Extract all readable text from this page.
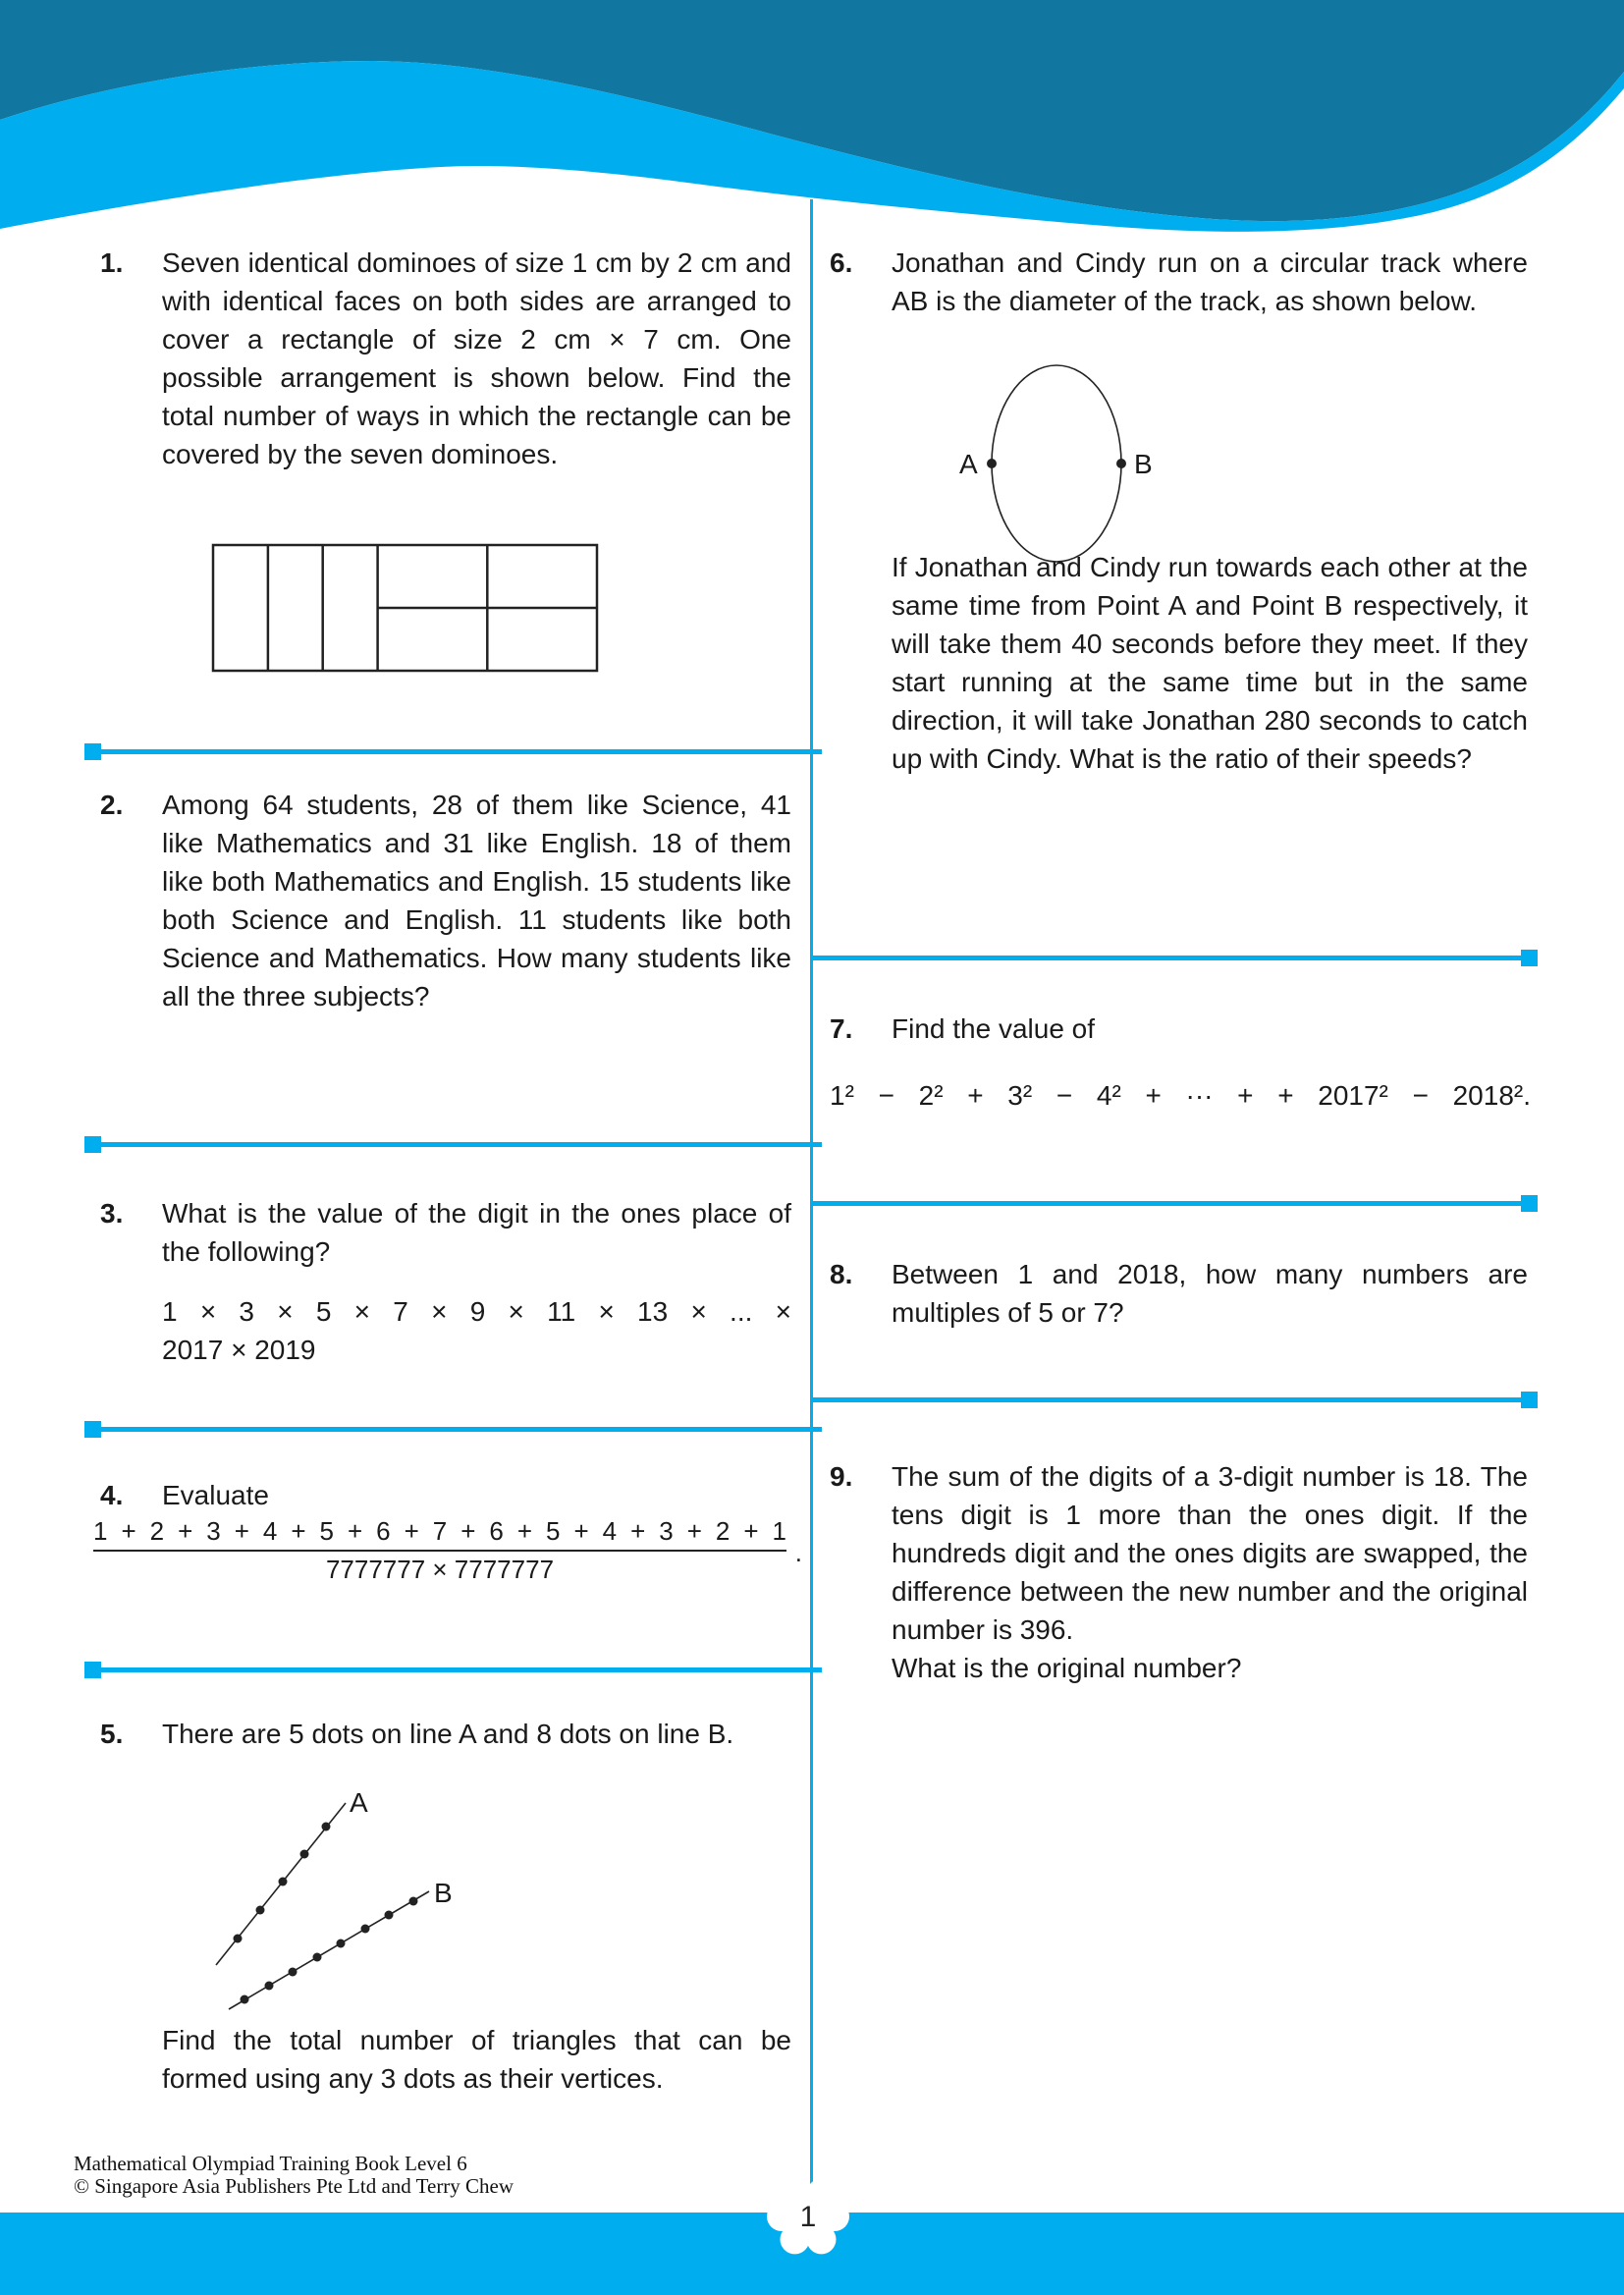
1. Seven identical dominoes of size 1 cm by 2 cm and with identical faces on both sides are arranged to cover a rectangle of size 2 cm × 7 cm. One possible arrangement is shown below. Find the total number of ways in which the rectangle can be covered by the seven dominoes.
2. Among 64 students, 28 of them like Science, 41 like Mathematics and 31 like English. 18 of them like both Mathematics and English. 15 students like both Science and English. 11 students like both Science and Mathematics. How many students like all the three subjects?
3. What is the value of the digit in the ones place of the following?
1 × 3 × 5 × 7 × 9 × 11 × 13 × ... ×
2017 × 2019
4. Evaluate
1 + 2 + 3 + 4 + 5 + 6 + 7 + 6 + 5 + 4 + 3 + 2 + 1
7777777 × 7777777
.
5. There are 5 dots on line A and 8 dots on line B.
A
B
Find the total number of triangles that can be formed using any 3 dots as their vertices.
6. Jonathan and Cindy run on a circular track where AB is the diameter of the track, as shown below.
A	B
If Jonathan and Cindy run towards each other at the same time from Point A and Point B respectively, it will take them 40 seconds before they meet. If they start running at the same time but in the same direction, it will take Jonathan 280 seconds to catch up with Cindy. What is the ratio of their speeds?
7. Find the value of
1² − 2² + 3² − 4² + ··· + + 2017² − 2018².
8. Between 1 and 2018, how many numbers are multiples of 5 or 7?
9. The sum of the digits of a 3-digit number is 18. The tens digit is 1 more than the ones digit. If the hundreds digit and the ones digits are swapped, the difference between the new number and the original number is 396.
What is the original number?
Mathematical Olympiad Training Book Level 6
© Singapore Asia Publishers Pte Ltd and Terry Chew
1
